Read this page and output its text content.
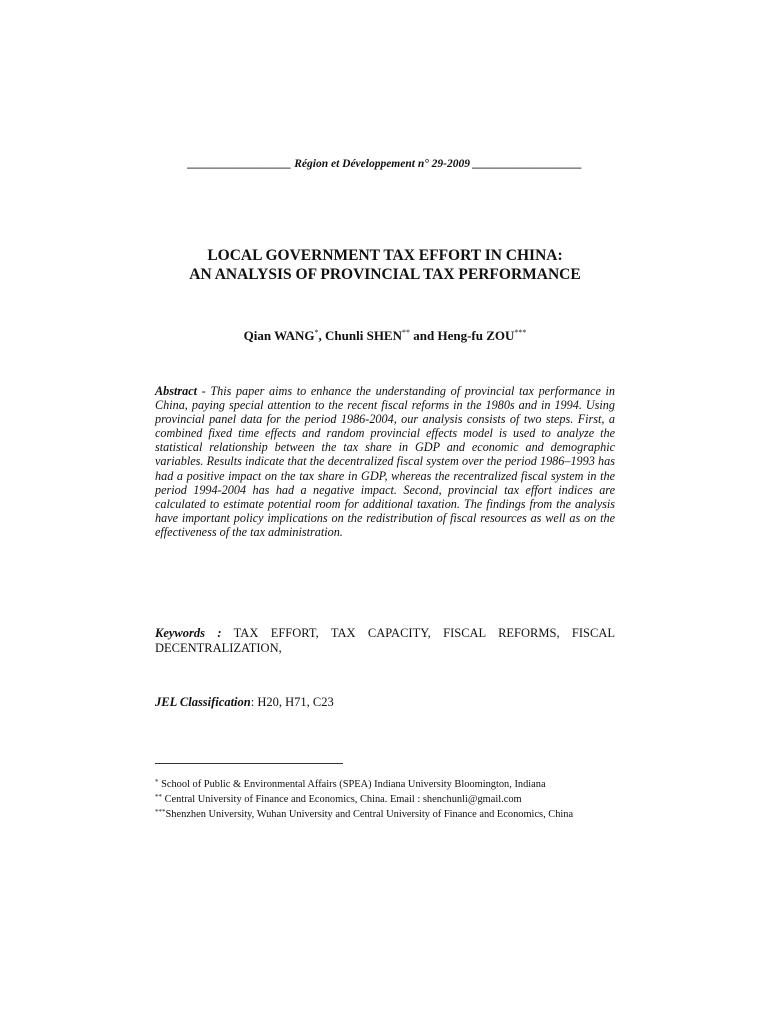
__________________ Région et Développement n° 29-2009 ___________________
LOCAL GOVERNMENT TAX EFFORT IN CHINA:
AN ANALYSIS OF PROVINCIAL TAX PERFORMANCE
Qian WANG*, Chunli SHEN** and Heng-fu ZOU***
Abstract - This paper aims to enhance the understanding of provincial tax performance in China, paying special attention to the recent fiscal reforms in the 1980s and in 1994. Using provincial panel data for the period 1986-2004, our analysis consists of two steps. First, a combined fixed time effects and random provincial effects model is used to analyze the statistical relationship between the tax share in GDP and economic and demographic variables. Results indicate that the decentralized fiscal system over the period 1986–1993 has had a positive impact on the tax share in GDP, whereas the recentralized fiscal system in the period 1994-2004 has had a negative impact. Second, provincial tax effort indices are calculated to estimate potential room for additional taxation. The findings from the analysis have important policy implications on the redistribution of fiscal resources as well as on the effectiveness of the tax administration.
Keywords : TAX EFFORT, TAX CAPACITY, FISCAL REFORMS, FISCAL DECENTRALIZATION,
JEL Classification: H20, H71, C23
* School of Public & Environmental Affairs (SPEA) Indiana University Bloomington, Indiana
** Central University of Finance and Economics, China. Email : shenchunli@gmail.com
***Shenzhen University, Wuhan University and Central University of Finance and Economics, China
